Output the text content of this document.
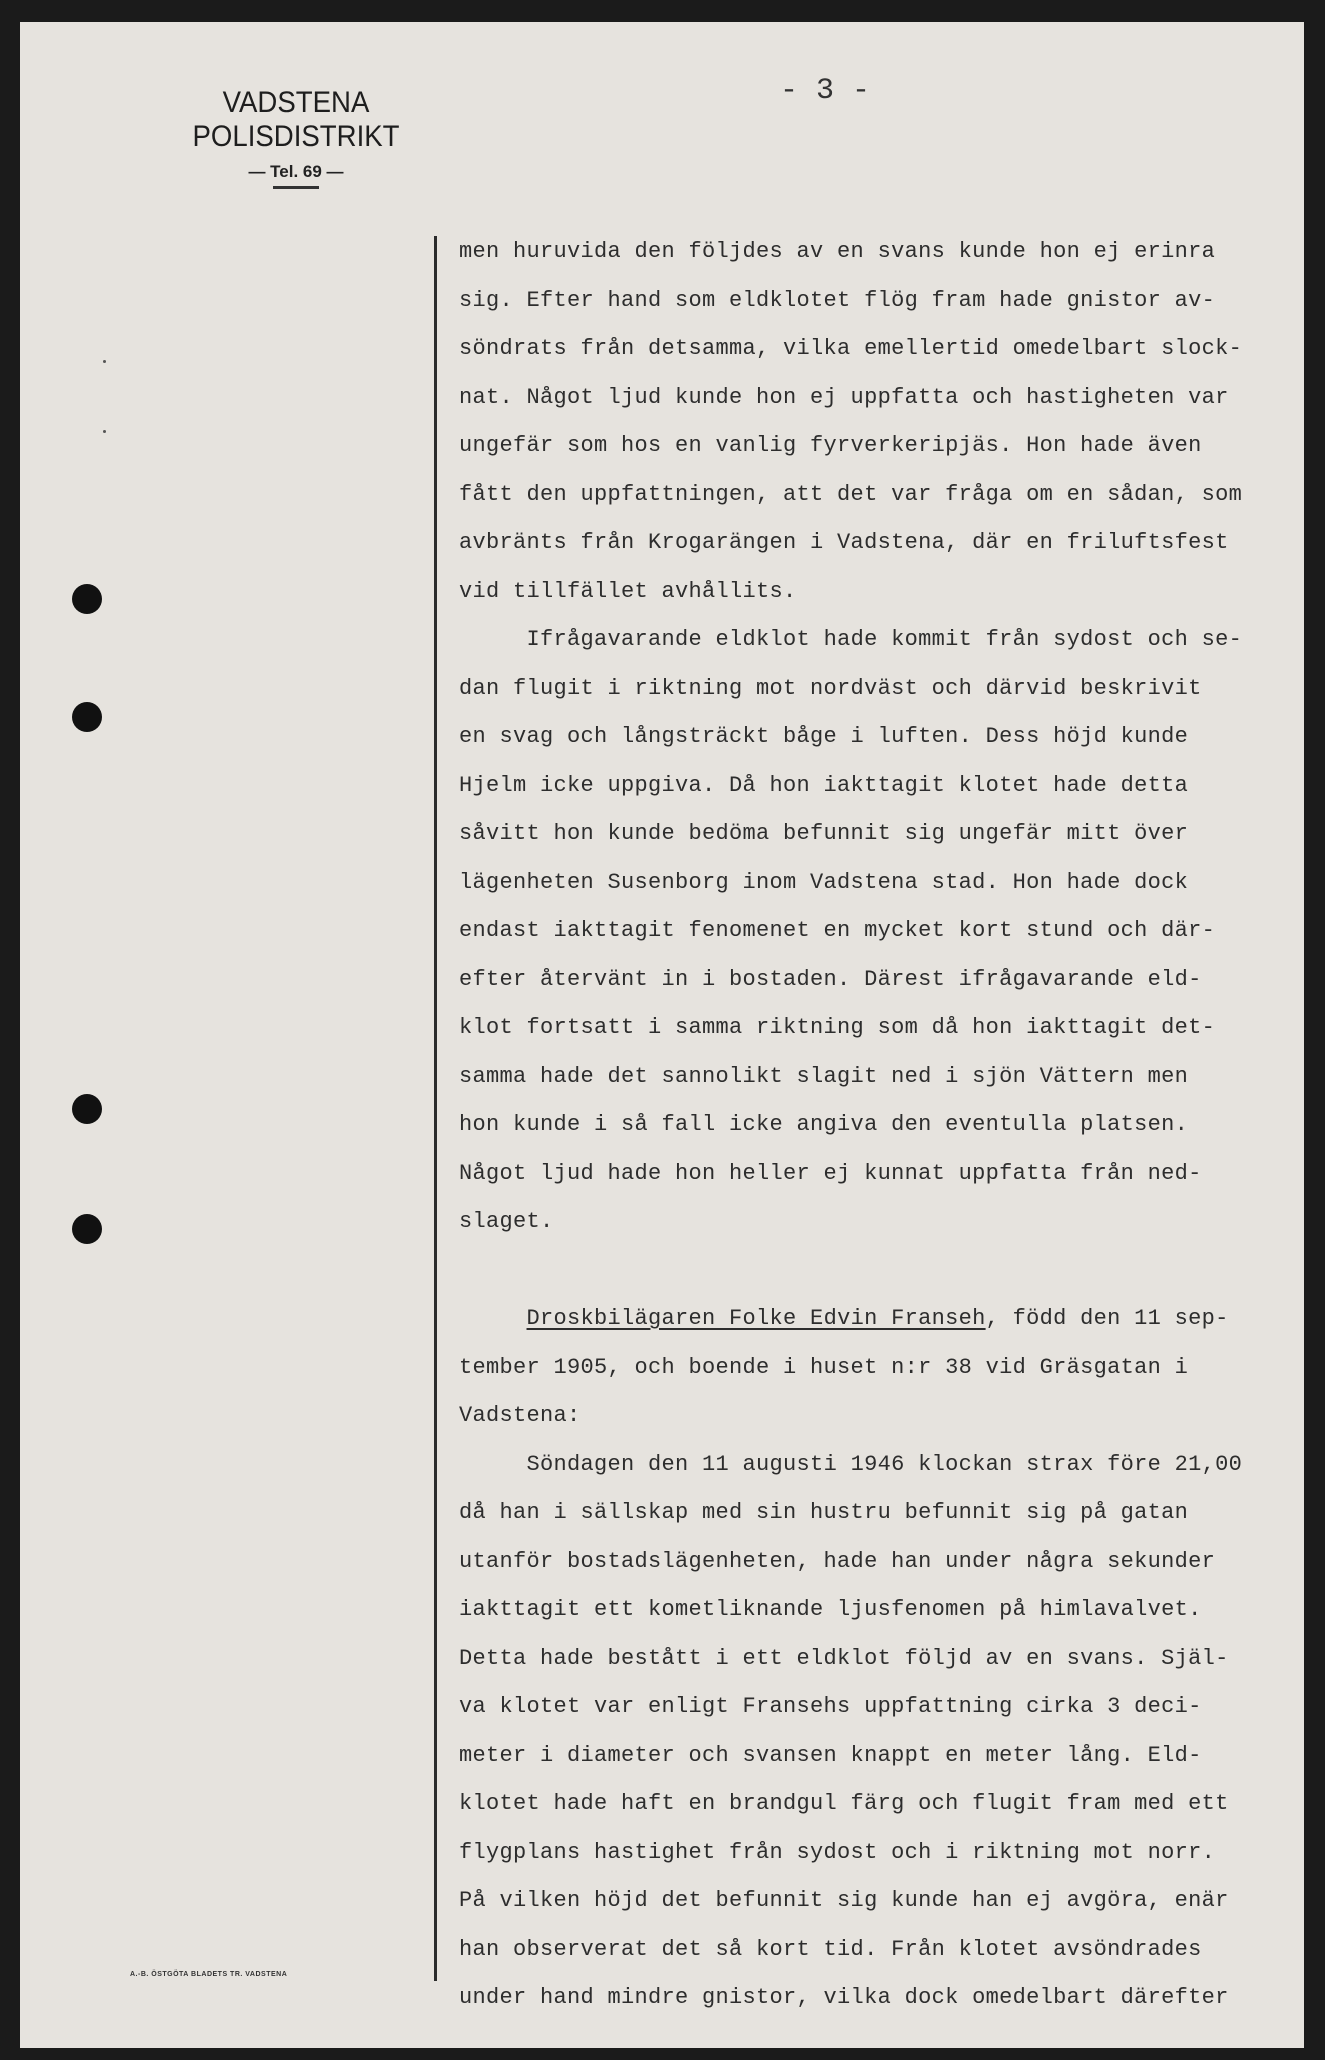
VADSTENA POLISDISTRIKT
— Tel. 69 —
- 3 -
men huruvida den följdes av en svans kunde hon ej erinra
sig. Efter hand som eldklotet flög fram hade gnistor av-
söndrats från detsamma, vilka emellertid omedelbart slock-
nat. Något ljud kunde hon ej uppfatta och hastigheten var
ungefär som hos en vanlig fyrverkeripjäs. Hon hade även
fått den uppfattningen, att det var fråga om en sådan, som
avbränts från Krogarängen i Vadstena, där en friluftsfest
vid tillfället avhållits.
Ifrågavarande eldklot hade kommit från sydost och se-
dan flugit i riktning mot nordväst och därvid beskrivit
en svag och långsträckt båge i luften. Dess höjd kunde
Hjelm icke uppgiva. Då hon iakttagit klotet hade detta
såvitt hon kunde bedöma befunnit sig ungefär mitt över
lägenheten Susenborg inom Vadstena stad. Hon hade dock
endast iakttagit fenomenet en mycket kort stund och där-
efter återvänt in i bostaden. Därest ifrågavarande eld-
klot fortsatt i samma riktning som då hon iakttagit det-
samma hade det sannolikt slagit ned i sjön Vättern men
hon kunde i så fall icke angiva den eventulla platsen.
Något ljud hade hon heller ej kunnat uppfatta från ned-
slaget.
Droskbilägaren Folke Edvin Franseh, född den 11 sep-
tember 1905, och boende i huset n:r 38 vid Gräsgatan i
Vadstena:
Söndagen den 11 augusti 1946 klockan strax före 21,00
då han i sällskap med sin hustru befunnit sig på gatan
utanför bostadslägenheten, hade han under några sekunder
iakttagit ett kometliknande ljusfenomen på himlavalvet.
Detta hade bestått i ett eldklot följd av en svans. Själ-
va klotet var enligt Fransehs uppfattning cirka 3 deci-
meter i diameter och svansen knappt en meter lång. Eld-
klotet hade haft en brandgul färg och flugit fram med ett
flygplans hastighet från sydost och i riktning mot norr.
På vilken höjd det befunnit sig kunde han ej avgöra, enär
han observerat det så kort tid. Från klotet avsöndrades
under hand mindre gnistor, vilka dock omedelbart därefter
A.-B. ÖSTGÖTA BLADETS TR. VADSTENA
